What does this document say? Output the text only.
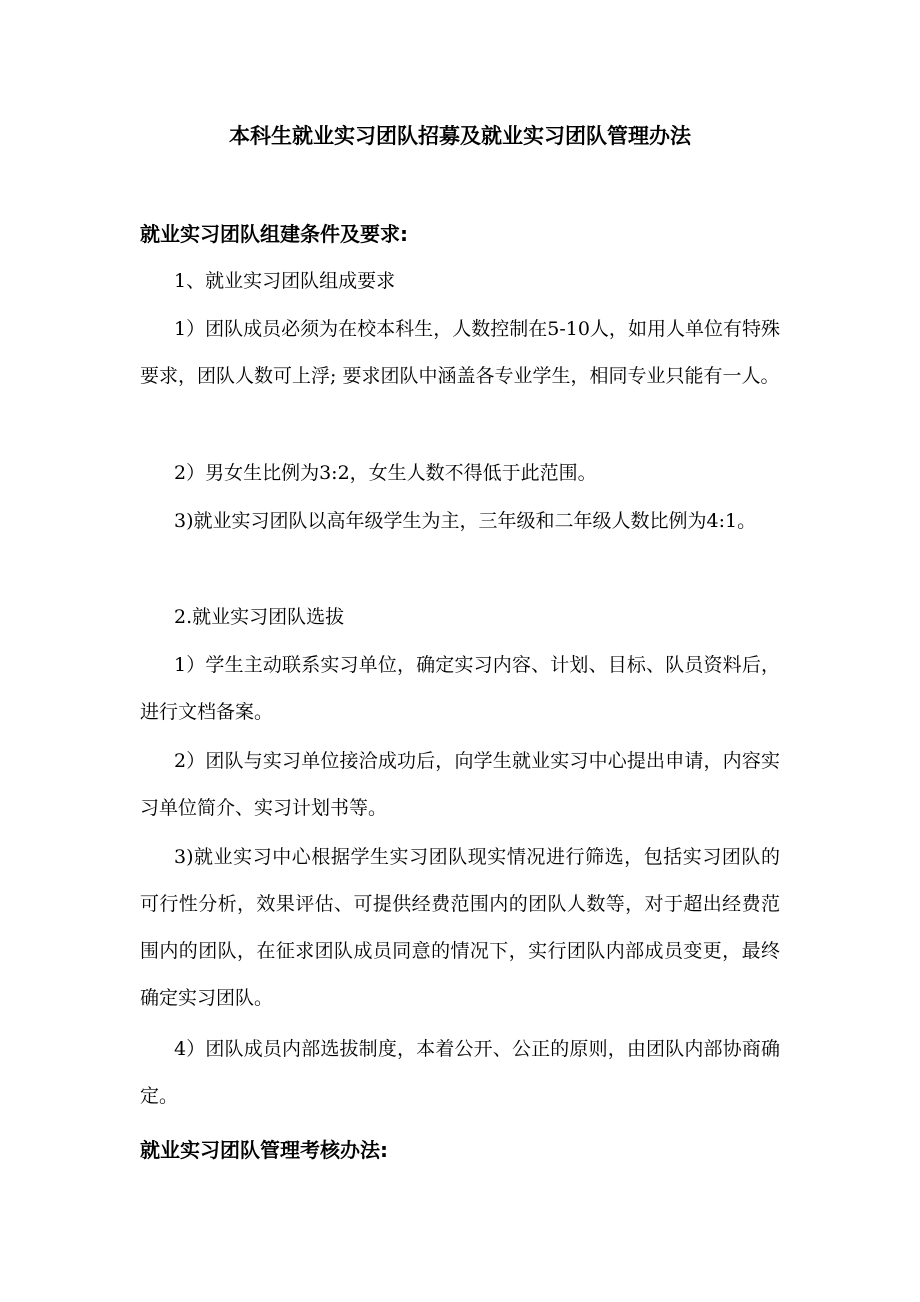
本科生就业实习团队招募及就业实习团队管理办法
就业实习团队组建条件及要求:

1、就业实习团队组成要求

1）团队成员必须为在校本科生，人数控制在5-10人，如用人单位有特殊要求，团队人数可上浮; 要求团队中涵盖各专业学生，相同专业只能有一人。

2）男女生比例为3:2，女生人数不得低于此范围。

3)就业实习团队以高年级学生为主，三年级和二年级人数比例为4:1。

2.就业实习团队选拔

1）学生主动联系实习单位，确定实习内容、计划、目标、队员资料后，进行文档备案。

2）团队与实习单位接洽成功后，向学生就业实习中心提出申请，内容实习单位简介、实习计划书等。

3)就业实习中心根据学生实习团队现实情况进行筛选，包括实习团队的可行性分析，效果评估、可提供经费范围内的团队人数等，对于超出经费范围内的团队，在征求团队成员同意的情况下，实行团队内部成员变更，最终确定实习团队。

4）团队成员内部选拔制度，本着公开、公正的原则，由团队内部协商确定。

就业实习团队管理考核办法:
